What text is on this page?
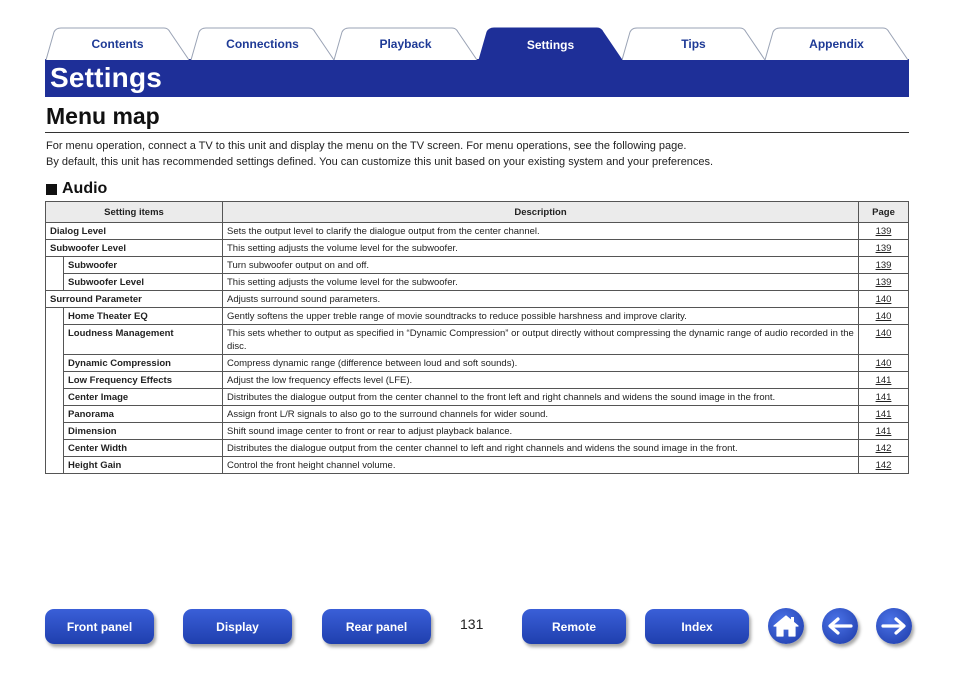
Contents	Connections	Playback	Settings	Tips	Appendix
Settings
Menu map
For menu operation, connect a TV to this unit and display the menu on the TV screen. For menu operations, see the following page.
By default, this unit has recommended settings defined. You can customize this unit based on your existing system and your preferences.
Audio
Setting items		Description	Page
Dialog Level		Sets the output level to clarify the dialogue output from the center channel.	139
Subwoofer Level		This setting adjusts the volume level for the subwoofer.	139
	Subwoofer	Turn subwoofer output on and off.	139
	Subwoofer Level	This setting adjusts the volume level for the subwoofer.	139
Surround Parameter		Adjusts surround sound parameters.	140
	Home Theater EQ	Gently softens the upper treble range of movie soundtracks to reduce possible harshness and improve clarity.	140
	Loudness Management	This sets whether to output as specified in “Dynamic Compression” or output directly without compressing the dynamic range of audio recorded in the disc.	140
	Dynamic Compression	Compress dynamic range (difference between loud and soft sounds).	140
	Low Frequency Effects	Adjust the low frequency effects level (LFE).	141
	Center Image	Distributes the dialogue output from the center channel to the front left and right channels and widens the sound image in the front.	141
	Panorama	Assign front L/R signals to also go to the surround channels for wider sound.	141
	Dimension	Shift sound image center to front or rear to adjust playback balance.	141
	Center Width	Distributes the dialogue output from the center channel to left and right channels and widens the sound image in the front.	142
	Height Gain	Control the front height channel volume.	142
Front panel	Display	Rear panel	131	Remote	Index
